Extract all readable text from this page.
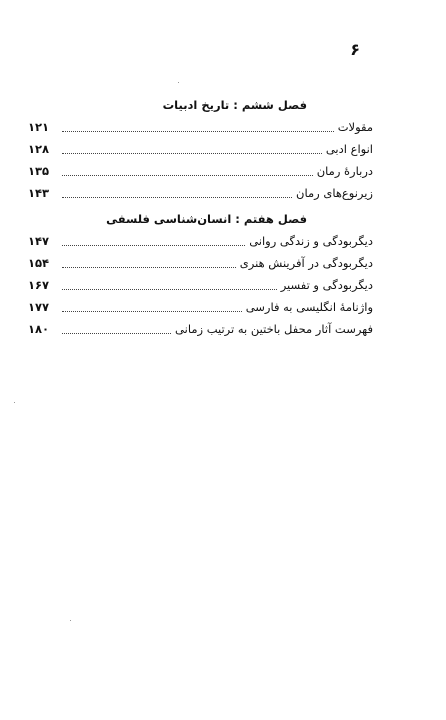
۶
فصل ششم : تاریخ ادبیات
مقولات
۱۲۱
انواع ادبی
۱۲۸
دربارهٔ رمان
۱۳۵
زیرنوع‌های رمان
۱۴۳
فصل هفتم : انسان‌شناسی فلسفی
دیگربودگی و زندگی روانی
۱۴۷
دیگربودگی در آفرینش هنری
۱۵۴
دیگربودگی و تفسیر
۱۶۷
واژنامهٔ انگلیسی به فارسی
۱۷۷
فهرست آثار محفل باختین به ترتیب زمانی
۱۸۰
